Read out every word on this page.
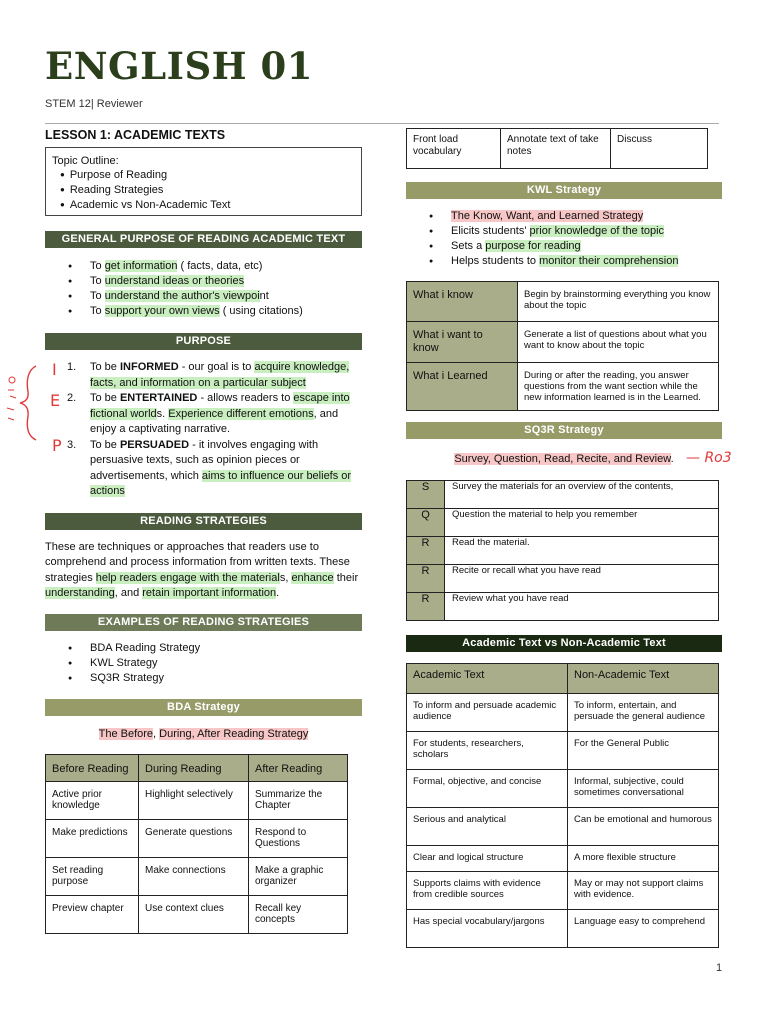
ENGLISH 01
STEM 12| Reviewer
LESSON 1: ACADEMIC TEXTS
Topic Outline:
● Purpose of Reading
● Reading Strategies
● Academic vs Non-Academic Text
GENERAL PURPOSE OF READING ACADEMIC TEXT
● To get information ( facts, data, etc)
● To understand ideas or theories
● To understand the author's viewpoint
● To support your own views ( using citations)
PURPOSE
1. To be INFORMED - our goal is to acquire knowledge, facts, and information on a particular subject
2. To be ENTERTAINED - allows readers to escape into fictional worlds. Experience different emotions, and enjoy a captivating narrative.
3. To be PERSUADED - it involves engaging with persuasive texts, such as opinion pieces or advertisements, which aims to influence our beliefs or actions
READING STRATEGIES

These are techniques or approaches that readers use to comprehend and process information from written texts. These strategies help readers engage with the materials, enhance their understanding, and retain important information.

EXAMPLES OF READING STRATEGIES
● BDA Reading Strategy
● KWL Strategy
● SQ3R Strategy
BDA Strategy
The Before, During, After Reading Strategy
Before Reading	During Reading	After Reading
Active prior knowledge	Highlight selectively	Summarize the Chapter
Make predictions	Generate questions	Respond to Questions
Set reading purpose	Make connections	Make a graphic organizer
Preview chapter	Use context clues	Recall key concepts
Front load vocabulary	Annotate text of take notes	Discuss
KWL Strategy
● The Know, Want, and Learned Strategy
● Elicits students' prior knowledge of the topic
● Sets a purpose for reading
● Helps students to monitor their comprehension
What i know	Begin by brainstorming everything you know about the topic
What i want to know	Generate a list of questions about what you want to know about the topic
What i Learned	During or after the reading, you answer questions from the want section while the new information learned is in the Learned.
SQ3R Strategy
Survey, Question, Read, Recite, and Review.
S	Survey the materials for an overview of the contents,
Q	Question the material to help you remember
R	Read the material.
R	Recite or recall what you have read
R	Review what you have read
Academic Text vs Non-Academic Text
Academic Text	Non-Academic Text
To inform and persuade academic audience	To inform, entertain, and persuade the general audience
For students, researchers, scholars	For the General Public
Formal, objective, and concise	Informal, subjective, could sometimes conversational
Serious and analytical	Can be emotional and humorous
Clear and logical structure	A more flexible structure
Supports claims with evidence from credible sources	May or may not support claims with evidence.
Has special vocabulary/jargons	Language easy to comprehend
I
E
P
— Ro3
1
